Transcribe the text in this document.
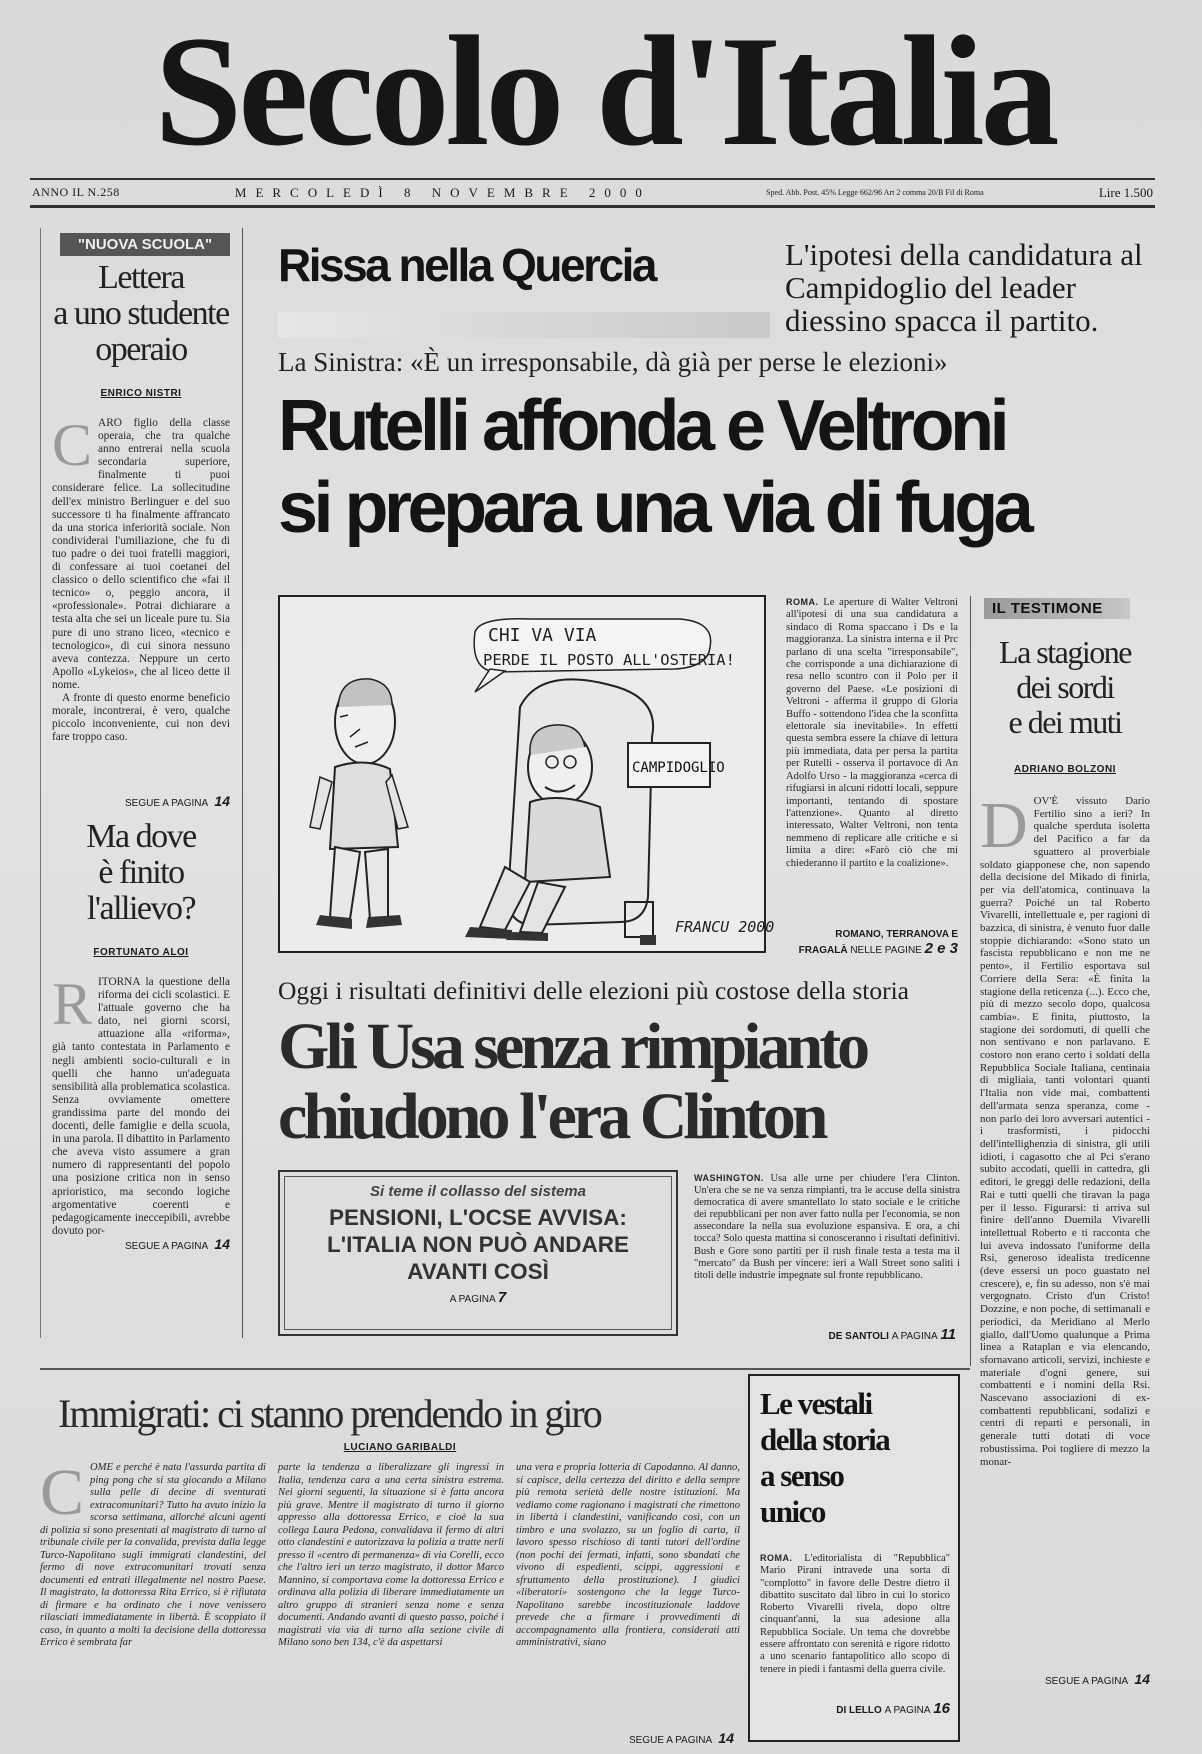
Secolo d'Italia
ANNO IL N.258	MERCOLEDÌ 8 NOVEMBRE 2000	Sped. Abb. Post. 45% Legge 662/96 Art 2 comma 20/B Fil di Roma	Lire 1.500
"NUOVA SCUOLA"
Lettera
a uno studente
operaio
ENRICO NISTRI
C ARO figlio della classe operaia, che tra qualche anno entrerai nella scuola secondaria superiore, finalmente ti puoi considerare felice. La sollecitudine dell'ex ministro Berlinguer e del suo successore ti ha finalmente affrancato da una storica inferiorità sociale. Non condividerai l'umiliazione, che fu di tuo padre o dei tuoi fratelli maggiori, di confessare ai tuoi coetanei del classico o dello scientifico che «fai il tecnico» o, peggio ancora, il «professionale». Potrai dichiarare a testa alta che sei un liceale pure tu. Sia pure di uno strano liceo, «tecnico e tecnologico», di cui sinora nessuno aveva contezza. Neppure un certo Apollo «Lykeios», che al liceo dette il nome.
A fronte di questo enorme beneficio morale, incontrerai, è vero, qualche piccolo inconveniente, cui non devi fare troppo caso.
SEGUE A PAGINA 14
Ma dove
è finito
l'allievo?
FORTUNATO ALOI
R ITORNA la questione della riforma dei cicli scolastici. E l'attuale governo che ha dato, nei giorni scorsi, attuazione alla «riforma», già tanto contestata in Parlamento e negli ambienti socio-culturali e in quelli che hanno un'adeguata sensibilità alla problematica scolastica. Senza ovviamente ometterе grandissima parte del mondo dei docenti, delle famiglie e della scuola, in una parola. Il dibattito in Parlamento che aveva visto assumere a gran numero di rappresentanti del popolo una posizione critica non in senso aprioristico, ma secondo logiche argomentative coerenti e pedagogicamente ineccepibili, avrebbe dovuto por-
SEGUE A PAGINA 14
Rissa nella Quercia	L'ipotesi della candidatura al Campidoglio del leader diessino spacca il partito.
La Sinistra: «È un irresponsabile, dà già per perse le elezioni»
Rutelli affonda e Veltroni
si prepara una via di fuga
CHI VA VIA
PERDE IL POSTO ALL'OSTERIA!
CAMPIDOGLIO
FRANCU 2000
ROMA. Le aperture di Walter Veltroni all'ipotesi di una sua candidatura a sindaco di Roma spaccano i Ds e la maggioranza. La sinistra interna e il Prc parlano di una scelta "irresponsabile", che corrisponde a una dichiarazione di resa nello scontro con il Polo per il governo del Paese. «Le posizioni di Veltroni - afferma il gruppo di Gloria Buffo - sottendono l'idea che la sconfitta elettorale sia inevitabile». In effetti questa sembra essere la chiave di lettura più immediata, data per persa la partita per Rutelli - osserva il portavoce di An Adolfo Urso - la maggioranza «cerca di rifugiarsi in alcuni ridotti locali, seppure importanti, tentando di spostare l'attenzione». Quanto al diretto interessato, Walter Veltroni, non tenta nemmeno di replicare alle critiche e si limita a dire: «Farò ciò che mi chiederanno il partito e la coalizione».
ROMANO, TERRANOVA E
FRAGALÀ NELLE PAGINE 2 e 3
Oggi i risultati definitivi delle elezioni più costose della storia
Gli Usa senza rimpianto
chiudono l'era Clinton
Si teme il collasso del sistema
PENSIONI, L'OCSE AVVISA:
L'ITALIA NON PUÒ ANDARE
AVANTI COSÌ
A PAGINA 7
WASHINGTON. Usa alle urne per chiudere l'era Clinton. Un'era che se ne va senza rimpianti, tra le accuse della sinistra democratica di avere smantellato lo stato sociale e le critiche dei repubblicani per non aver fatto nulla per l'economia, se non assecondare la nella sua evoluzione espansiva. E ora, a chi tocca? Solo questa mattina si conosceranno i risultati definitivi. Bush e Gore sono partiti per il rush finale testa a testa ma il "mercato" da Bush per vincere: ieri a Wall Street sono saliti i titoli delle industrie impegnate sul fronte repubblicano.
DE SANTOLI A PAGINA 11
IL TESTIMONE
La stagione
dei sordi
e dei muti
ADRIANO BOLZONI
D OV'È vissuto Dario Fertilio sino a ieri? In qualche sperduta isoletta del Pacifico a far da sguattero al proverbiale soldato giapponese che, non sapendo della decisione del Mikado di finirla, per via dell'atomica, continuava la guerra? Poiché un tal Roberto Vivarelli, intellettuale e, per ragioni di bazzica, di sinistra, è venuto fuor dalle stoppie dichiarando: «Sono stato un fascista repubblicano e non me ne pento», il Fertilio esportava sul Corriere della Sera: «È finita la stagione della reticenza (...). Ecco che, più di mezzo secolo dopo, qualcosa cambia». E finita, piuttosto, la stagione dei sordomuti, di quelli che non sentivano e non parlavano. E costoro non erano certo i soldati della Repubblica Sociale Italiana, centinaia di migliaia, tanti volontari quanti l'Italia non vide mai, combattenti dell'armata senza speranza, come - non parlo dei loro avversari autentici - i trasformisti, i pidocchi dell'intellighenzia di sinistra, gli utili idioti, i cagasotto che al Pci s'erano subito accodati, quelli in cattedra, gli editori, le greggi delle redazioni, della Rai e tutti quelli che tiravan la paga per il lesso. Figurarsi: ti arriva sul finire dell'anno Duemila Vivarelli intellettual Roberto e ti racconta che lui aveva indossato l'uniforme della Rsi, generoso idealista tredicenne (deve essersi un poco guastato nel crescere), e, fin su adesso, non s'è mai vergognato. Cristo d'un Cristo! Dozzine, e non poche, di settimanali e periodici, da Meridiano al Merlo giallo, dall'Uomo qualunque a Prima linea a Rataplan e via elencando, sfornavano articoli, servizi, inchieste e materiale d'ogni genere, sui combattenti e i nomini della Rsi. Nascevano associazioni di ex-combattenti repubblicani, sodalizi e centri di reparti e personali, in generale tutti dotati di voce robustissima. Poi togliere di mezzo la monar-
SEGUE A PAGINA 14
Immigrati: ci stanno prendendo in giro
LUCIANO GARIBALDI
C OME e perché è nata l'assurda partita di ping pong che si sta giocando a Milano sulla pelle di decine di sventurati extracomunitari? Tutto ha avuto inizio la scorsa settimana, allorché alcuni agenti di polizia si sono presentati al magistrato di turno al tribunale civile per la convalida, prevista dalla legge Turco-Napolitano sugli immigrati clandestini, del fermo di nove extracomunitari trovati senza documenti ed entrati illegalmente nel nostro Paese. Il magistrato, la dottoressa Rita Errico, si è rifiutata di firmare e ha ordinato che i nove venissero rilasciati immediatamente in libertà. È scoppiato il caso, in quanto a molti la decisione della dottoressa Errico è sembrata far
parte la tendenza a liberalizzare gli ingressi in Italia, tendenza cara a una certa sinistra estrema. Nei giorni seguenti, la situazione si è fatta ancora più grave. Mentre il magistrato di turno il giorno appresso alla dottoressa Errico, e cioè la sua collega Laura Pedona, convalidava il fermo di altri otto clandestini e autorizzava la polizia a tratte nerli presso il «centro di permanenza» di via Corelli, ecco che l'altro ieri un terzo magistrato, il dottor Marco Mannino, si comportava come la dottoressa Errico e ordinava alla polizia di liberare immediatamente un altro gruppo di stranieri senza nome e senza documenti. Andando avanti di questo passo, poiché i magistrati via via di turno alla sezione civile di Milano sono ben 134, c'è da aspettarsi
una vera e propria lotteria di Capodanno. Al danno, si capisce, della certezza del diritto e della sempre più remota serietà delle nostre istituzioni. Ma vediamo come ragionano i magistrati che rimettono in libertà i clandestini, vanificando così, con un timbro e una svolazzo, su un foglio di carta, il lavoro spesso rischioso di tanti tutori dell'ordine (non pochi dei fermati, infatti, sono sbandati che vivono di espedienti, scippi, aggressioni e sfruttamento della prostituzione). I giudici «liberatori» sostengono che la legge Turco-Napolitano sarebbe incostituzionale laddove prevede che a firmare i provvedimenti di accompagnamento alla frontiera, considerati atti amministrativi, siano
SEGUE A PAGINA 14
Le vestali
della storia
a senso
unico
ROMA. L'editorialista di "Repubblica" Mario Pirani intravede una sorta di "complotto" in favore delle Destre dietro il dibattito suscitato dal libro in cui lo storico Roberto Vivarelli rivela, dopo oltre cinquant'anni, la sua adesione alla Repubblica Sociale. Un tema che dovrebbe essere affrontato con serenità e rigore ridotto a uno scenario fantapolitico allo scopo di tenere in piedi i fantasmi della guerra civile.
DI LELLO A PAGINA 16
